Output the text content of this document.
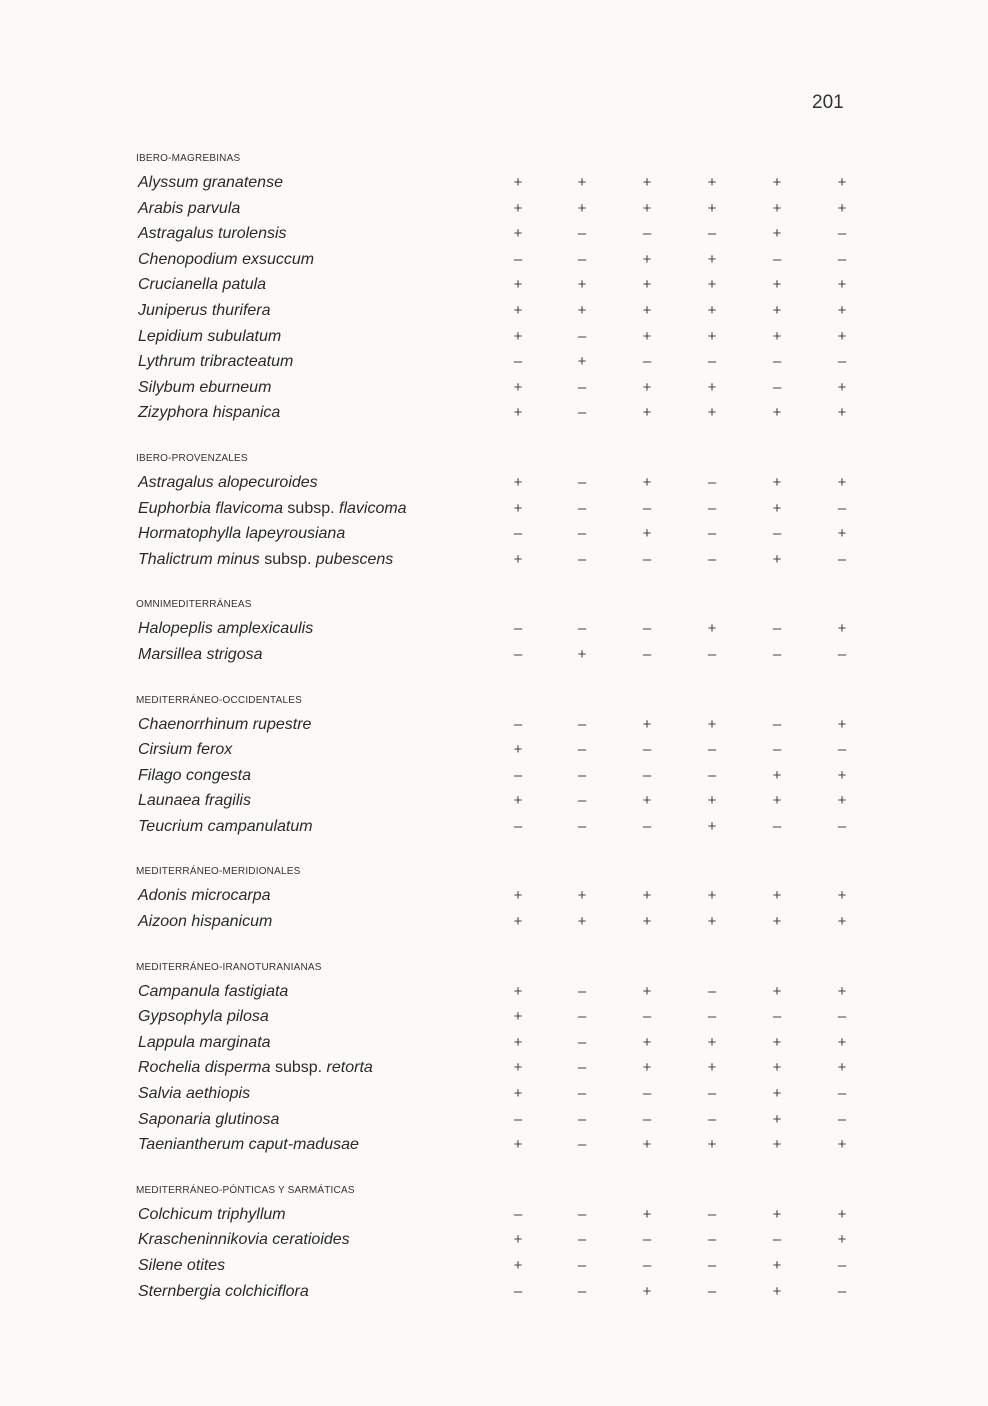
201
IBERO-MAGREBINAS
Alyssum granatense	+	+	+	+	+	+
Arabis parvula	+	+	+	+	+	+
Astragalus turolensis	+	–	–	–	+	–
Chenopodium exsuccum	–	–	+	+	–	–
Crucianella patula	+	+	+	+	+	+
Juniperus thurifera	+	+	+	+	+	+
Lepidium subulatum	+	–	+	+	+	+
Lythrum tribracteatum	–	+	–	–	–	–
Silybum eburneum	+	–	+	+	–	+
Zizyphora hispanica	+	–	+	+	+	+
IBERO-PROVENZALES
Astragalus alopecuroides	+	–	+	–	+	+
Euphorbia flavicoma subsp. flavicoma	+	–	–	–	+	–
Hormatophylla lapeyrousiana	–	–	+	–	–	+
Thalictrum minus subsp. pubescens	+	–	–	–	+	–
OMNIMEDITERRÁNEAS
Halopeplis amplexicaulis	–	–	–	+	–	+
Marsillea strigosa	–	+	–	–	–	–
MEDITERRÁNEO-OCCIDENTALES
Chaenorrhinum rupestre	–	–	+	+	–	+
Cirsium ferox	+	–	–	–	–	–
Filago congesta	–	–	–	–	+	+
Launaea fragilis	+	–	+	+	+	+
Teucrium campanulatum	–	–	–	+	–	–
MEDITERRÁNEO-MERIDIONALES
Adonis microcarpa	+	+	+	+	+	+
Aizoon hispanicum	+	+	+	+	+	+
MEDITERRÁNEO-IRANOTURANIANAS
Campanula fastigiata	+	–	+	–	+	+
Gypsophyla pilosa	+	–	–	–	–	–
Lappula marginata	+	–	+	+	+	+
Rochelia disperma subsp. retorta	+	–	+	+	+	+
Salvia aethiopis	+	–	–	–	+	–
Saponaria glutinosa	–	–	–	–	+	–
Taeniantherum caput-madusae	+	–	+	+	+	+
MEDITERRÁNEO-PÓNTICAS Y SARMÁTICAS
Colchicum triphyllum	–	–	+	–	+	+
Krascheninnikovia ceratioides	+	–	–	–	–	+
Silene otites	+	–	–	–	+	–
Sternbergia colchiciflora	–	–	+	–	+	–
